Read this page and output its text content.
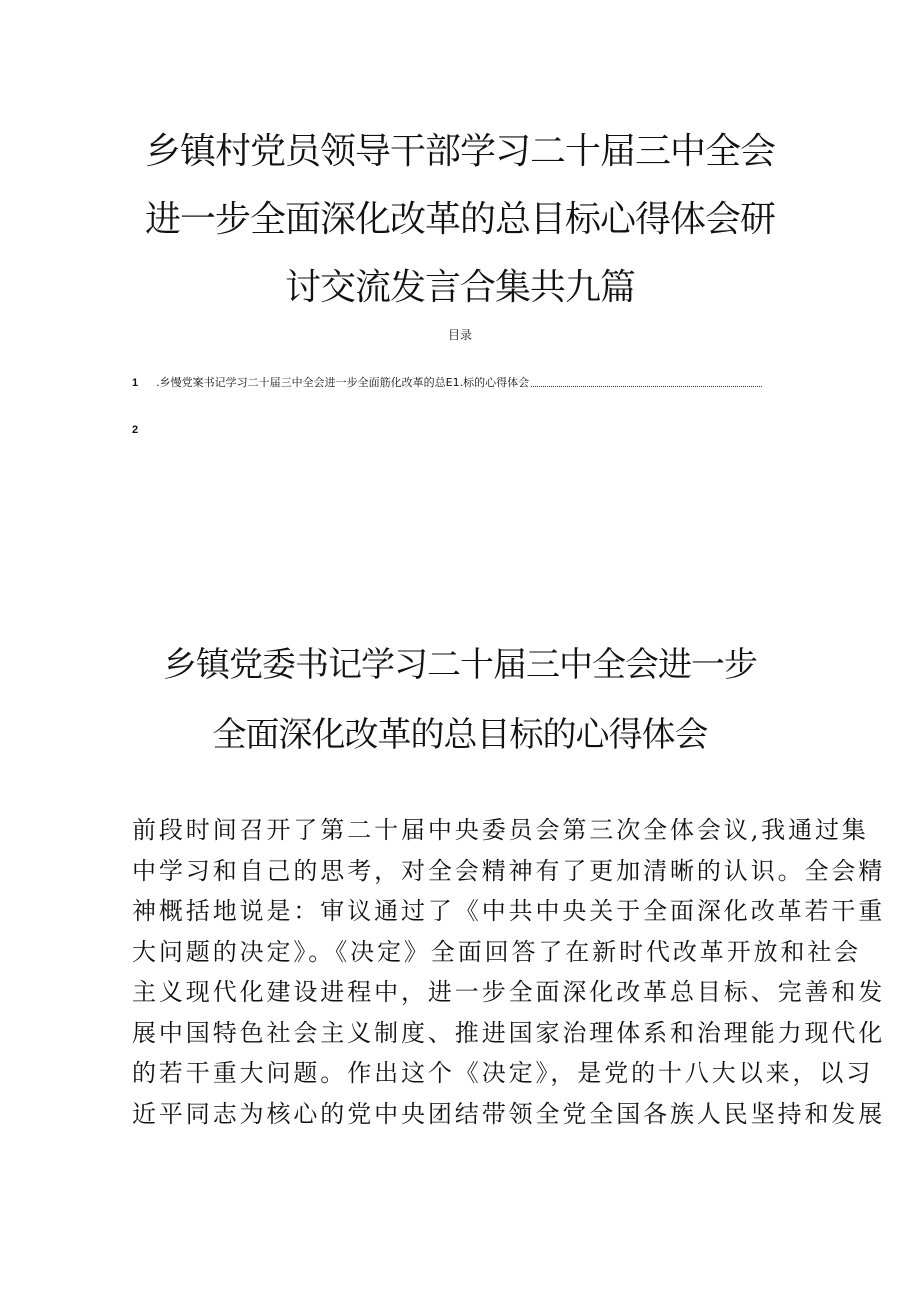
乡镇村党员领导干部学习二十届三中全会
进一步全面深化改革的总目标心得体会研
讨交流发言合集共九篇
目录
1 .乡慢党案书记学习二十届三中全会进一步全面筋化改革的总E1.标的心得体会
2
乡镇党委书记学习二十届三中全会进一步
全面深化改革的总目标的心得体会
前段时间召开了第二十届中央委员会第三次全体会议,我通过集
中学习和自己的思考，对全会精神有了更加清晰的认识。全会精
神概括地说是：审议通过了《中共中央关于全面深化改革若干重
大问题的决定》。《决定》全面回答了在新时代改革开放和社会
主义现代化建设进程中，进一步全面深化改革总目标、完善和发
展中国特色社会主义制度、推进国家治理体系和治理能力现代化
的若干重大问题。作出这个《决定》，是党的十八大以来，以习
近平同志为核心的党中央团结带领全党全国各族人民坚持和发展
